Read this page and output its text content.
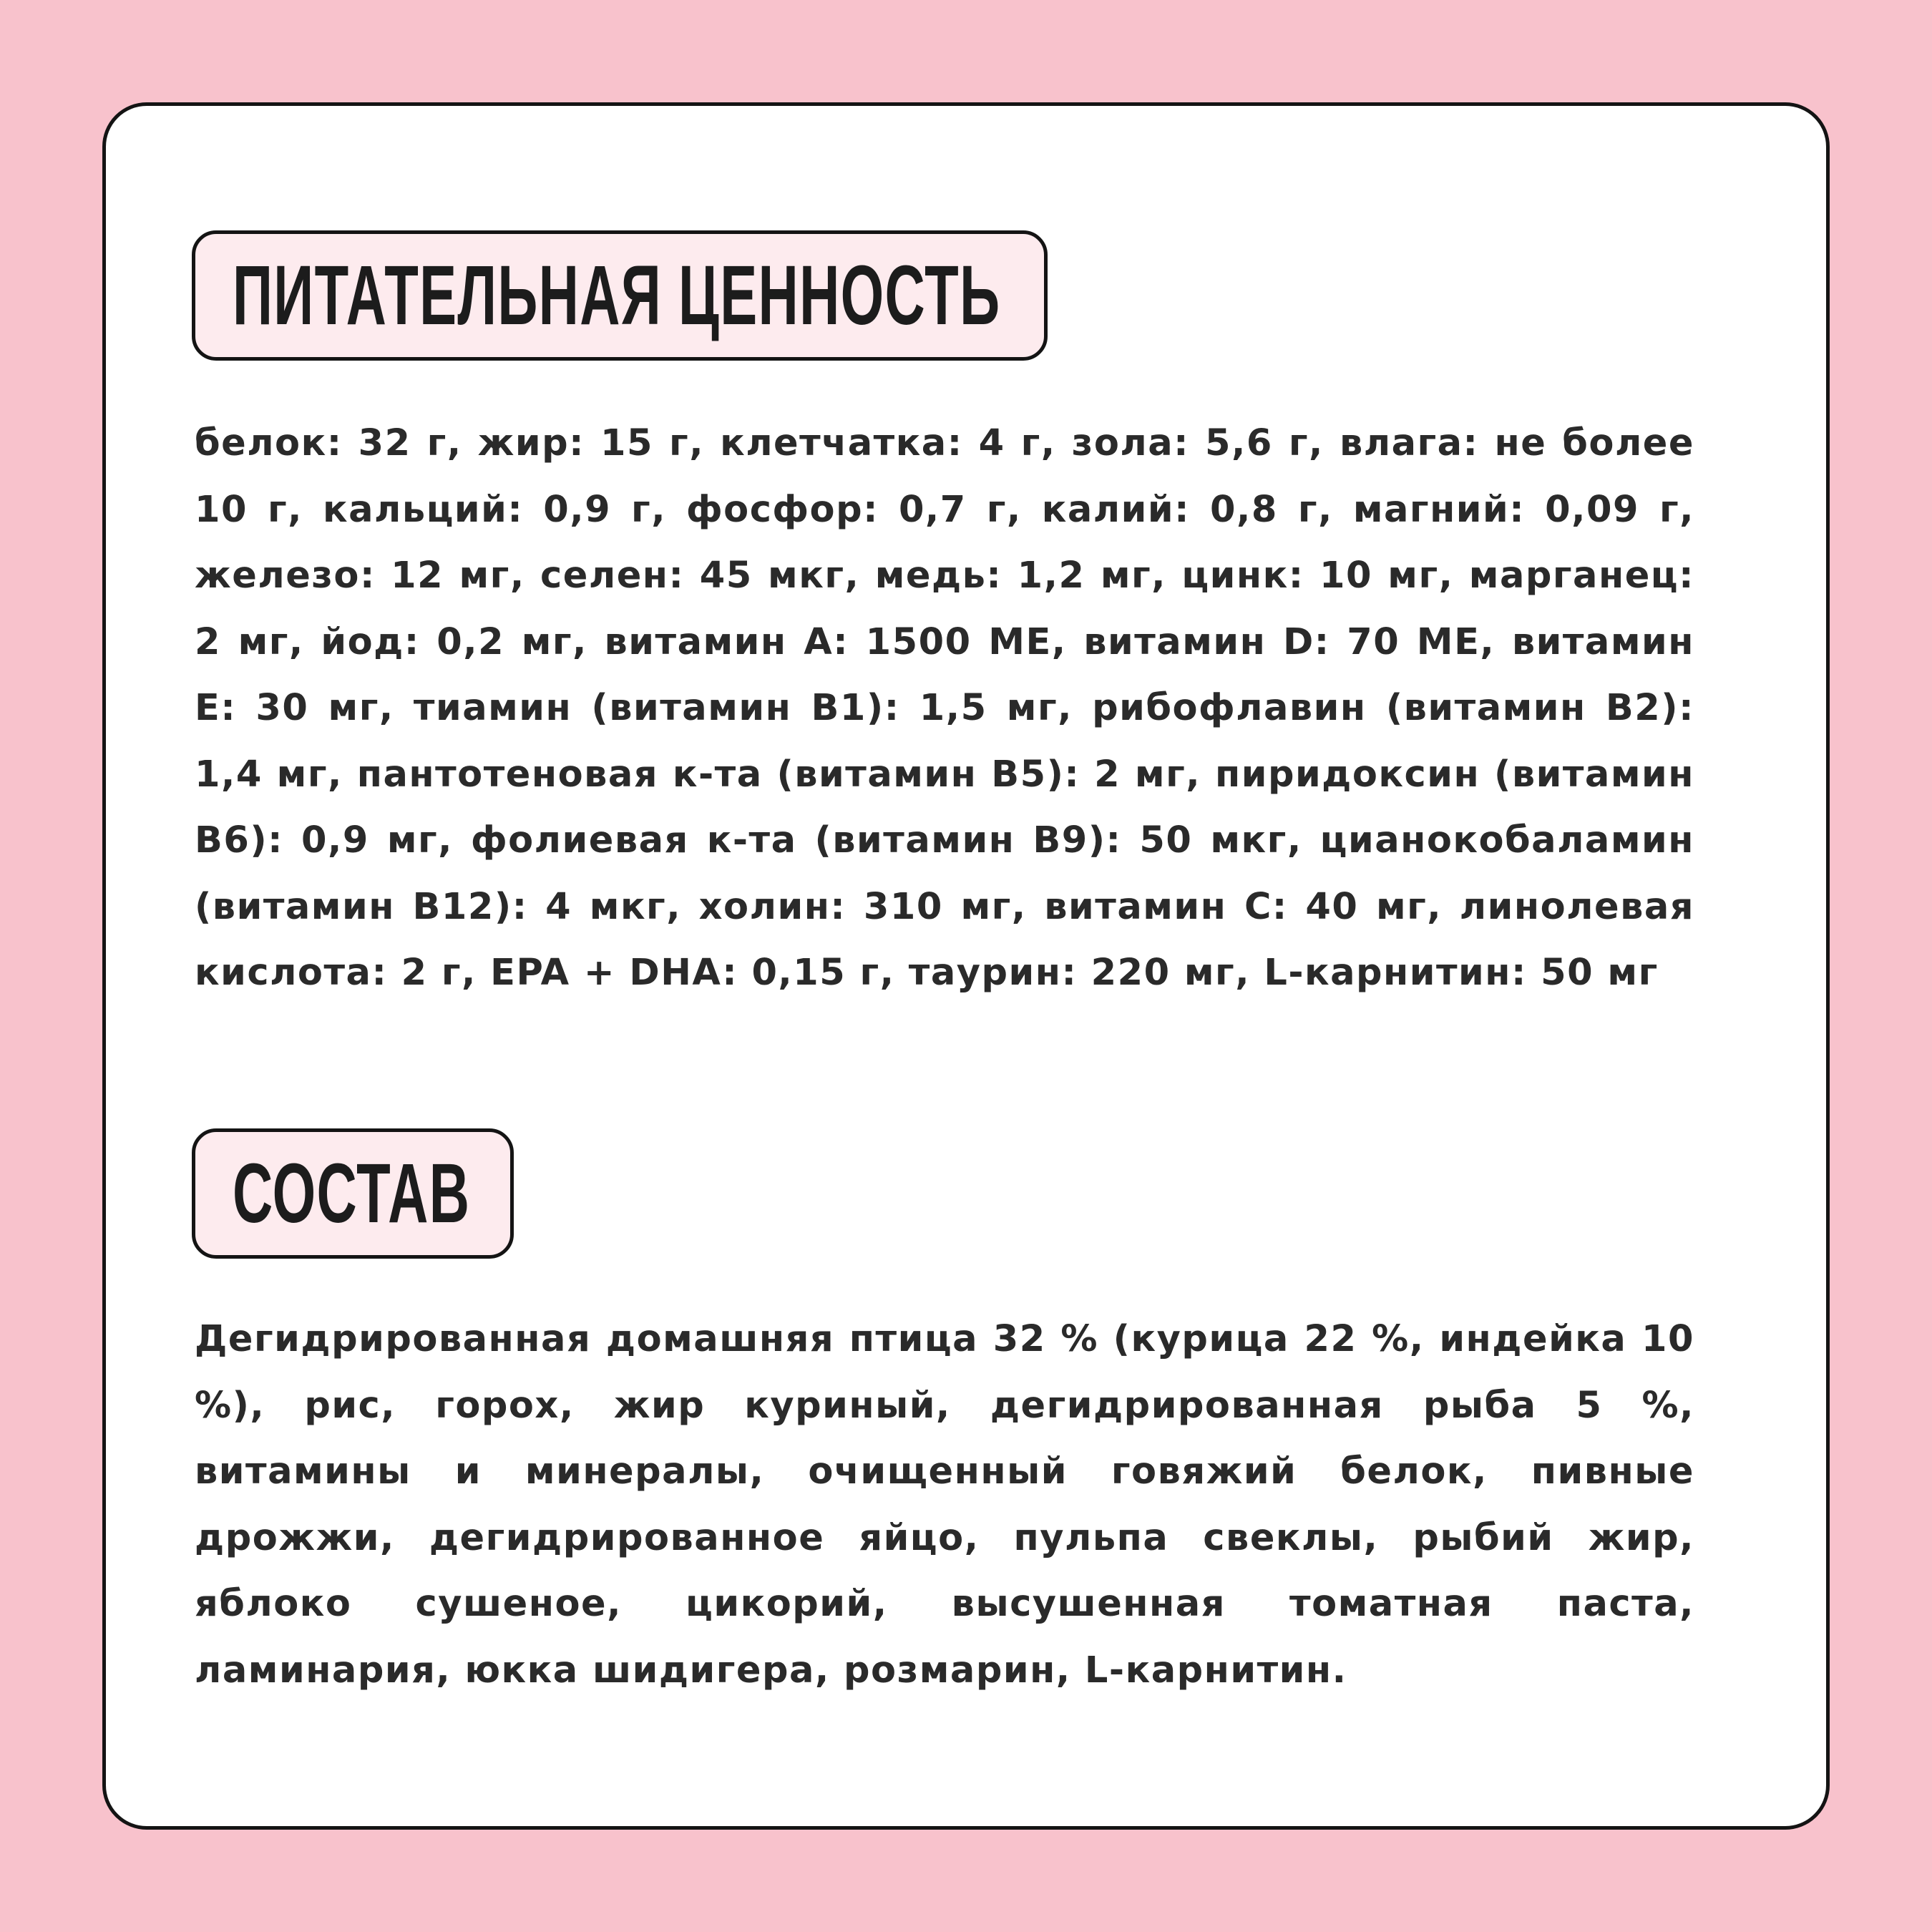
ПИТАТЕЛЬНАЯ ЦЕННОСТЬ

белок: 32 г, жир: 15 г, клетчатка: 4 г, зола: 5,6 г, влага: не более 10 г, кальций: 0,9 г, фосфор: 0,7 г, калий: 0,8 г, магний: 0,09 г, железо: 12 мг, селен: 45 мкг, медь: 1,2 мг, цинк: 10 мг, марганец: 2 мг, йод: 0,2 мг, витамин А: 1500 МЕ, витамин D: 70 МЕ, витамин Е: 30 мг, тиамин (витамин В1): 1,5 мг, рибофлавин (витамин В2): 1,4 мг, пантотеновая к-та (витамин В5): 2 мг, пиридоксин (витамин В6): 0,9 мг, фолиевая к-та (витамин В9): 50 мкг, цианокобаламин (витамин В12): 4 мкг, холин: 310 мг, витамин С: 40 мг, линолевая кислота: 2 г, EPA + DHA: 0,15 г, таурин: 220 мг, L-карнитин: 50 мг

СОСТАВ

Дегидрированная домашняя птица 32 % (курица 22 %, индейка 10 %), рис, горох, жир куриный, дегидрированная рыба 5 %, витамины и минералы, очищенный говяжий белок, пивные дрожжи, дегидрированное яйцо, пульпа свеклы, рыбий жир, яблоко сушеное, цикорий, высушенная томатная паста, ламинария, юкка шидигера, розмарин, L-карнитин.
